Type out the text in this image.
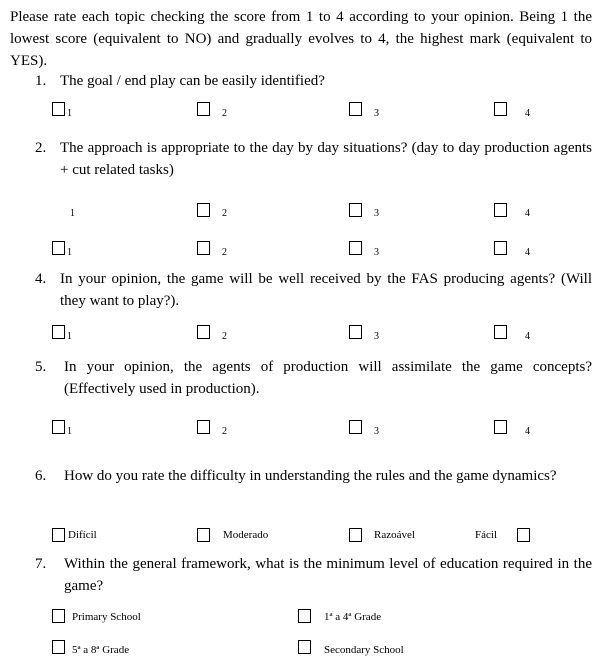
Please rate each topic checking the score from 1 to 4 according to your opinion. Being 1 the lowest score (equivalent to NO) and gradually evolves to 4, the highest mark (equivalent to YES).
1. The goal / end play can be easily identified?
1	2	3	4
2. The approach is appropriate to the day by day situations? (day to day production agents + cut related tasks)
1	2	3	4
1	2	3	4
4. In your opinion, the game will be well received by the FAS producing agents? (Will they want to play?).
1	2	3	4
5. In your opinion, the agents of production will assimilate the game concepts? (Effectively used in production).
1	2	3	4
6. How do you rate the difficulty in understanding the rules and the game dynamics?
Difícil	Moderado	Razoável	Fácil
7. Within the general framework, what is the minimum level of education required in the game?
Primary School	1ª a 4ª Grade
5ª a 8ª Grade	Secondary School
